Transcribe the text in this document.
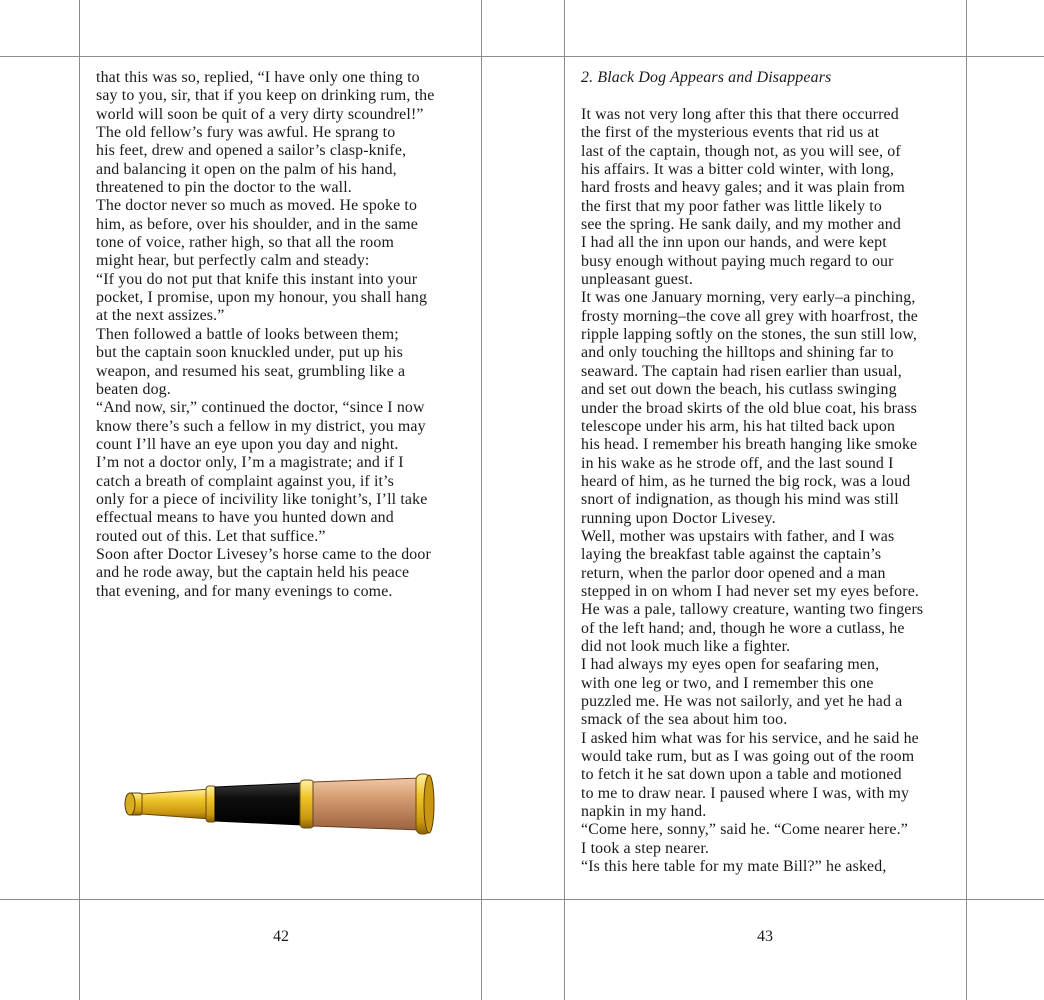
that this was so, replied, “I have only one thing to
say to you, sir, that if you keep on drinking rum, the
world will soon be quit of a very dirty scoundrel!”
The old fellow’s fury was awful. He sprang to
his feet, drew and opened a sailor’s clasp-knife,
and balancing it open on the palm of his hand,
threatened to pin the doctor to the wall.
The doctor never so much as moved. He spoke to
him, as before, over his shoulder, and in the same
tone of voice, rather high, so that all the room
might hear, but perfectly calm and steady:
“If you do not put that knife this instant into your
pocket, I promise, upon my honour, you shall hang
at the next assizes.”
Then followed a battle of looks between them;
but the captain soon knuckled under, put up his
weapon, and resumed his seat, grumbling like a
beaten dog.
“And now, sir,” continued the doctor, “since I now
know there’s such a fellow in my district, you may
count I’ll have an eye upon you day and night.
I’m not a doctor only, I’m a magistrate; and if I
catch a breath of complaint against you, if it’s
only for a piece of incivility like tonight’s, I’ll take
effectual means to have you hunted down and
routed out of this. Let that suffice.”
Soon after Doctor Livesey’s horse came to the door
and he rode away, but the captain held his peace
that evening, and for many evenings to come.
42
2. Black Dog Appears and Disappears
It was not very long after this that there occurred
the first of the mysterious events that rid us at
last of the captain, though not, as you will see, of
his affairs. It was a bitter cold winter, with long,
hard frosts and heavy gales; and it was plain from
the first that my poor father was little likely to
see the spring. He sank daily, and my mother and
I had all the inn upon our hands, and were kept
busy enough without paying much regard to our
unpleasant guest.
It was one January morning, very early–a pinching,
frosty morning–the cove all grey with hoarfrost, the
ripple lapping softly on the stones, the sun still low,
and only touching the hilltops and shining far to
seaward. The captain had risen earlier than usual,
and set out down the beach, his cutlass swinging
under the broad skirts of the old blue coat, his brass
telescope under his arm, his hat tilted back upon
his head. I remember his breath hanging like smoke
in his wake as he strode off, and the last sound I
heard of him, as he turned the big rock, was a loud
snort of indignation, as though his mind was still
running upon Doctor Livesey.
Well, mother was upstairs with father, and I was
laying the breakfast table against the captain’s
return, when the parlor door opened and a man
stepped in on whom I had never set my eyes before.
He was a pale, tallowy creature, wanting two fingers
of the left hand; and, though he wore a cutlass, he
did not look much like a fighter.
I had always my eyes open for seafaring men,
with one leg or two, and I remember this one
puzzled me. He was not sailorly, and yet he had a
smack of the sea about him too.
I asked him what was for his service, and he said he
would take rum, but as I was going out of the room
to fetch it he sat down upon a table and motioned
to me to draw near. I paused where I was, with my
napkin in my hand.
“Come here, sonny,” said he. “Come nearer here.”
I took a step nearer.
“Is this here table for my mate Bill?” he asked,
43
